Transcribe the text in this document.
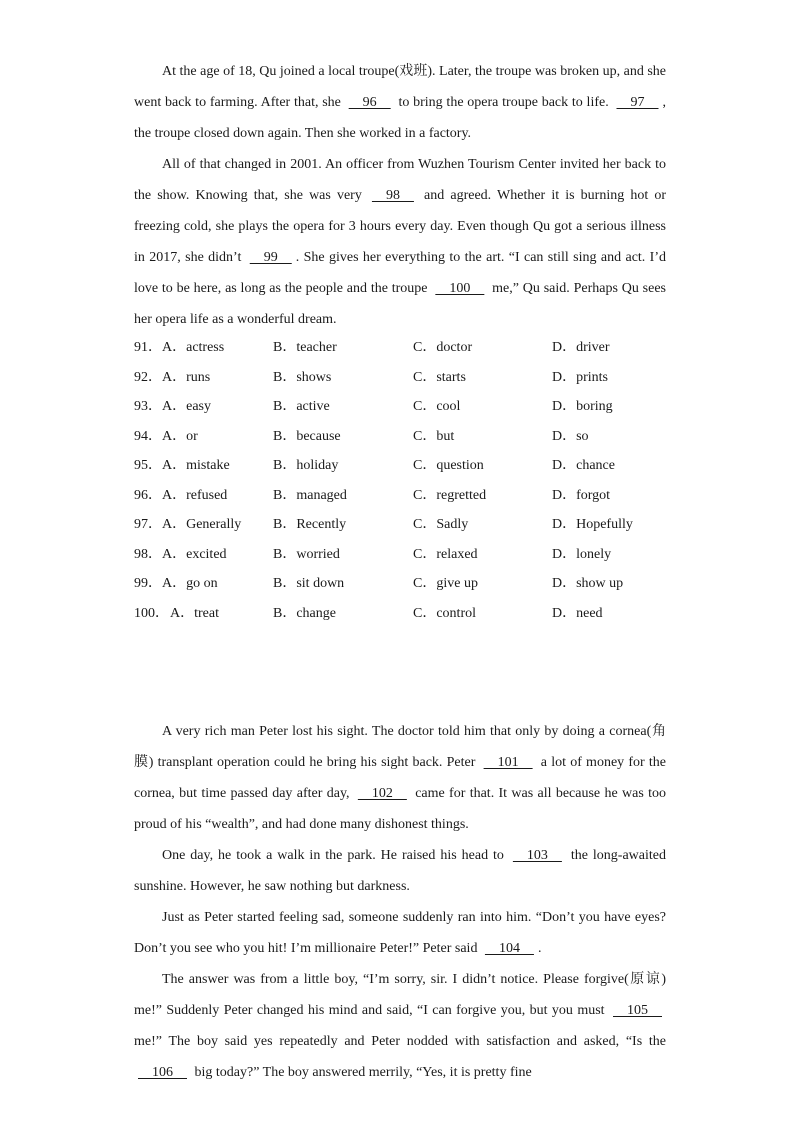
At the age of 18, Qu joined a local troupe(戏班). Later, the troupe was broken up, and she went back to farming. After that, she     96     to bring the opera troupe back to life.     97    , the troupe closed down again. Then she worked in a factory.

All of that changed in 2001. An officer from Wuzhen Tourism Center invited her back to the show. Knowing that, she was very     98     and agreed. Whether it is burning hot or freezing cold, she plays the opera for 3 hours every day. Even though Qu got a serious illness in 2017, she didn’t     99    . She gives her everything to the art. “I can still sing and act. I’d love to be here, as long as the people and the troupe     100     me,” Qu said. Perhaps Qu sees her opera life as a wonderful dream.

91． A．actress	B．teacher	C．doctor	D．driver
92． A．runs	B．shows	C．starts	D．prints
93． A．easy	B．active	C．cool	D．boring
94． A．or	B．because	C．but	D．so
95． A．mistake	B．holiday	C．question	D．chance
96． A．refused	B．managed	C．regretted	D．forgot
97． A．Generally B．Recently	C．Sadly	D．Hopefully
98． A．excited	B．worried	C．relaxed	D．lonely
99． A．go on	B．sit down	C．give up	D．show up
100． A．treat	B．change	C．control	D．need

A very rich man Peter lost his sight. The doctor told him that only by doing a cornea(角膜) transplant operation could he bring his sight back. Peter     101     a lot of money for the cornea, but time passed day after day,     102     came for that. It was all because he was too proud of his “wealth”, and had done many dishonest things.

One day, he took a walk in the park. He raised his head to     103     the long-awaited sunshine. However, he saw nothing but darkness.

Just as Peter started feeling sad, someone suddenly ran into him. “Don’t you have eyes? Don’t you see who you hit! I’m millionaire Peter!” Peter said     104    .

The answer was from a little boy, “I’m sorry, sir. I didn’t notice. Please forgive(原谅) me!” Suddenly Peter changed his mind and said, “I can forgive you, but you must     105     me!” The boy said yes repeatedly and Peter nodded with satisfaction and asked, “Is the     106     big today?” The boy answered merrily, “Yes, it is pretty fine
